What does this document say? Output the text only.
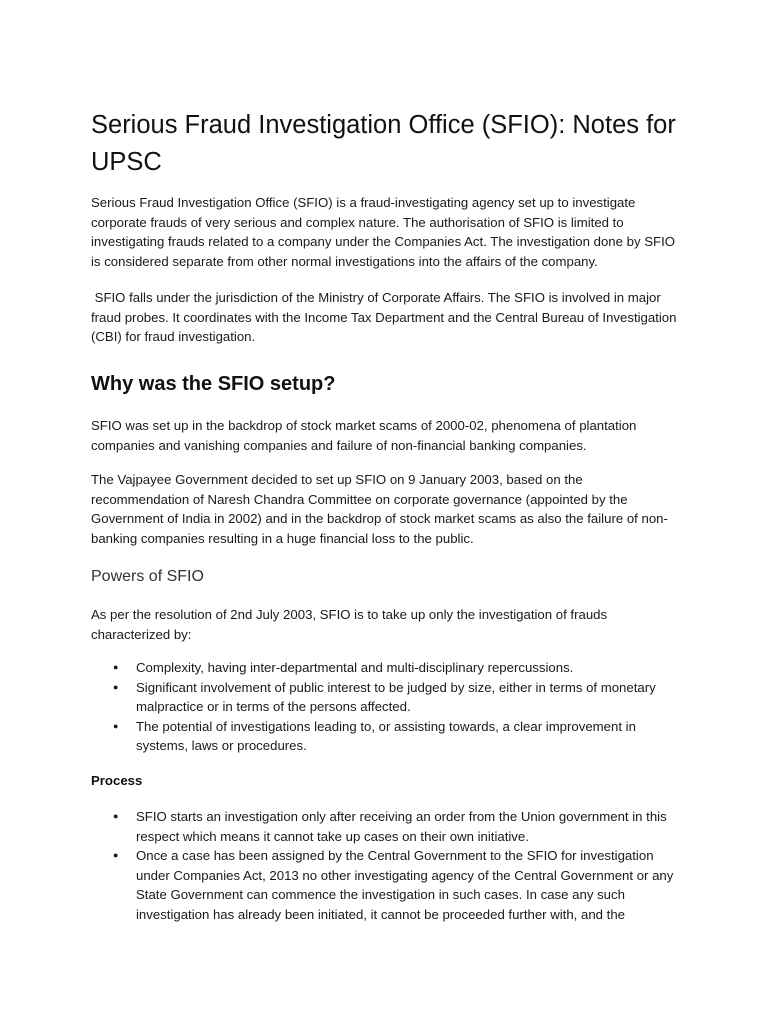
Serious Fraud Investigation Office (SFIO): Notes for UPSC

Serious Fraud Investigation Office (SFIO) is a fraud-investigating agency set up to investigate corporate frauds of very serious and complex nature. The authorisation of SFIO is limited to investigating frauds related to a company under the Companies Act. The investigation done by SFIO is considered separate from other normal investigations into the affairs of the company.

SFIO falls under the jurisdiction of the Ministry of Corporate Affairs. The SFIO is involved in major fraud probes. It coordinates with the Income Tax Department and the Central Bureau of Investigation (CBI) for fraud investigation.

Why was the SFIO setup?

SFIO was set up in the backdrop of stock market scams of 2000-02, phenomena of plantation companies and vanishing companies and failure of non-financial banking companies.

The Vajpayee Government decided to set up SFIO on 9 January 2003, based on the recommendation of Naresh Chandra Committee on corporate governance (appointed by the Government of India in 2002) and in the backdrop of stock market scams as also the failure of non-banking companies resulting in a huge financial loss to the public.

Powers of SFIO

As per the resolution of 2nd July 2003, SFIO is to take up only the investigation of frauds characterized by:

● Complexity, having inter-departmental and multi-disciplinary repercussions.
● Significant involvement of public interest to be judged by size, either in terms of monetary malpractice or in terms of the persons affected.
● The potential of investigations leading to, or assisting towards, a clear improvement in systems, laws or procedures.
Process
● SFIO starts an investigation only after receiving an order from the Union government in this respect which means it cannot take up cases on their own initiative.
● Once a case has been assigned by the Central Government to the SFIO for investigation under Companies Act, 2013 no other investigating agency of the Central Government or any State Government can commence the investigation in such cases. In case any such investigation has already been initiated, it cannot be proceeded further with, and the
